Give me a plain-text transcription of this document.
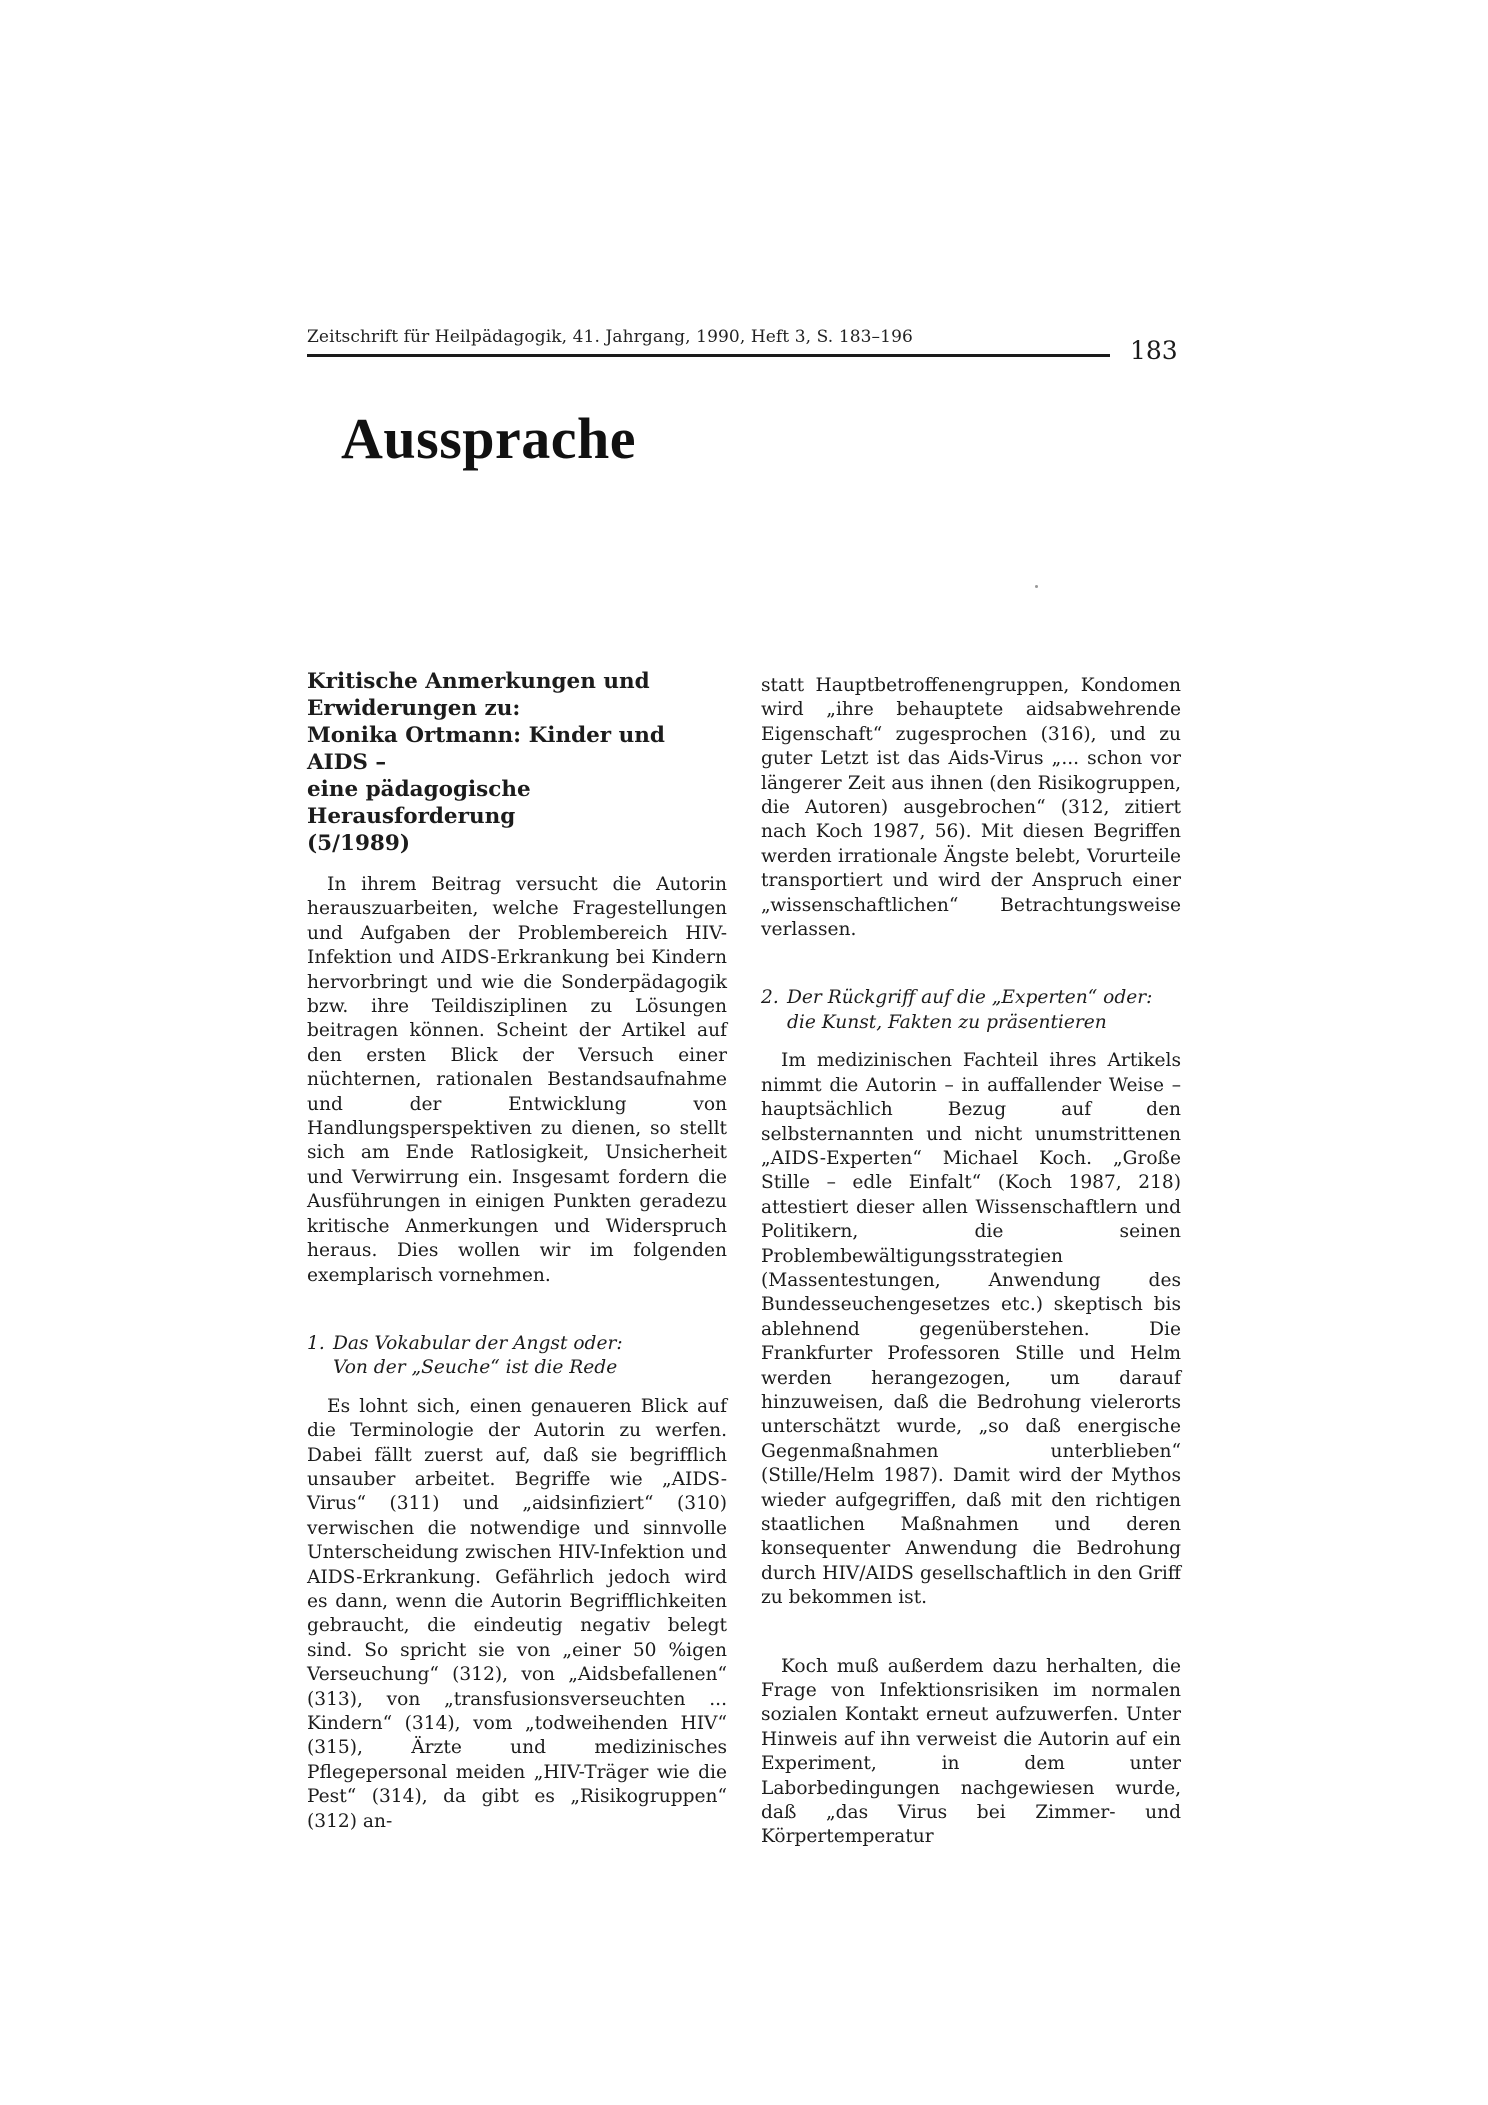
Zeitschrift für Heilpädagogik, 41. Jahrgang, 1990, Heft 3, S. 183–196	183
Aussprache
Kritische Anmerkungen und
Erwiderungen zu:
Monika Ortmann: Kinder und AIDS –
eine pädagogische Herausforderung
(5/1989)

In ihrem Beitrag versucht die Autorin herauszuarbeiten, welche Fragestellungen und Aufgaben der Problembereich HIV-Infektion und AIDS-Erkrankung bei Kindern hervorbringt und wie die Sonderpädagogik bzw. ihre Teildisziplinen zu Lösungen beitragen können. Scheint der Artikel auf den ersten Blick der Versuch einer nüchternen, rationalen Bestandsaufnahme und der Entwicklung von Handlungsperspektiven zu dienen, so stellt sich am Ende Ratlosigkeit, Unsicherheit und Verwirrung ein. Insgesamt fordern die Ausführungen in einigen Punkten geradezu kritische Anmerkungen und Widerspruch heraus. Dies wollen wir im folgenden exemplarisch vornehmen.

1. Das Vokabular der Angst oder:
Von der „Seuche“ ist die Rede

Es lohnt sich, einen genaueren Blick auf die Terminologie der Autorin zu werfen. Dabei fällt zuerst auf, daß sie begrifflich unsauber arbeitet. Begriffe wie „AIDS-Virus“ (311) und „aidsinfiziert“ (310) verwischen die notwendige und sinnvolle Unterscheidung zwischen HIV-Infektion und AIDS-Erkrankung. Gefährlich jedoch wird es dann, wenn die Autorin Begrifflichkeiten gebraucht, die eindeutig negativ belegt sind. So spricht sie von „einer 50 %igen Verseuchung“ (312), von „Aidsbefallenen“ (313), von „transfusionsverseuchten ... Kindern“ (314), vom „todweihenden HIV“ (315), Ärzte und medizinisches Pflegepersonal meiden „HIV-Träger wie die Pest“ (314), da gibt es „Risikogruppen“ (312) an-

statt Hauptbetroffenengruppen, Kondomen wird „ihre behauptete aidsabwehrende Eigenschaft“ zugesprochen (316), und zu guter Letzt ist das Aids-Virus „... schon vor längerer Zeit aus ihnen (den Risikogruppen, die Autoren) ausgebrochen“ (312, zitiert nach Koch 1987, 56). Mit diesen Begriffen werden irrationale Ängste belebt, Vorurteile transportiert und wird der Anspruch einer „wissenschaftlichen“ Betrachtungsweise verlassen.

2. Der Rückgriff auf die „Experten“ oder:
die Kunst, Fakten zu präsentieren

Im medizinischen Fachteil ihres Artikels nimmt die Autorin – in auffallender Weise – hauptsächlich Bezug auf den selbsternannten und nicht unumstrittenen „AIDS-Experten“ Michael Koch. „Große Stille – edle Einfalt“ (Koch 1987, 218) attestiert dieser allen Wissenschaftlern und Politikern, die seinen Problembewältigungsstrategien (Massentestungen, Anwendung des Bundesseuchengesetzes etc.) skeptisch bis ablehnend gegenüberstehen. Die Frankfurter Professoren Stille und Helm werden herangezogen, um darauf hinzuweisen, daß die Bedrohung vielerorts unterschätzt wurde, „so daß energische Gegenmaßnahmen unterblieben“ (Stille/Helm 1987). Damit wird der Mythos wieder aufgegriffen, daß mit den richtigen staatlichen Maßnahmen und deren konsequenter Anwendung die Bedrohung durch HIV/AIDS gesellschaftlich in den Griff zu bekommen ist.

Koch muß außerdem dazu herhalten, die Frage von Infektionsrisiken im normalen sozialen Kontakt erneut aufzuwerfen. Unter Hinweis auf ihn verweist die Autorin auf ein Experiment, in dem unter Laborbedingungen nachgewiesen wurde, daß „das Virus bei Zimmer- und Körpertemperatur
